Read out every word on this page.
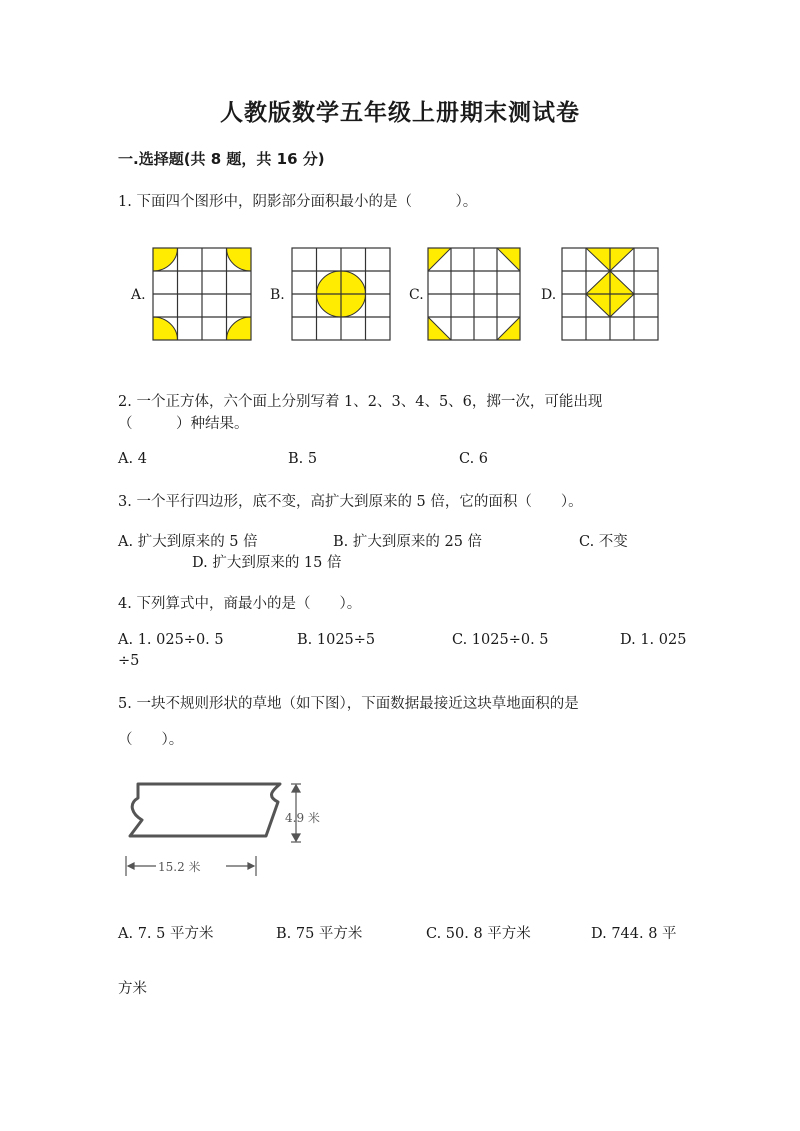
人教版数学五年级上册期末测试卷
一.选择题(共 8 题，共 16 分)
1. 下面四个图形中，阴影部分面积最小的是（　　　）。
A.	B.	C.	D.
2. 一个正方体，六个面上分别写着 1、2、3、4、5、6，掷一次，可能出现
（　　　）种结果。
A. 4	B. 5	C. 6
3. 一个平行四边形，底不变，高扩大到原来的 5 倍，它的面积（　　）。
A. 扩大到原来的 5 倍	B. 扩大到原来的 25 倍	C. 不变
D. 扩大到原来的 15 倍
4. 下列算式中，商最小的是（　　）。
A. 1. 025÷0. 5	B. 1025÷5	C. 1025÷0. 5	D. 1. 025
÷5
5. 一块不规则形状的草地（如下图），下面数据最接近这块草地面积的是
（　　）。
4.9 米
15.2 米
A. 7. 5 平方米	B. 75 平方米	C. 50. 8 平方米	D. 744. 8 平
方米
